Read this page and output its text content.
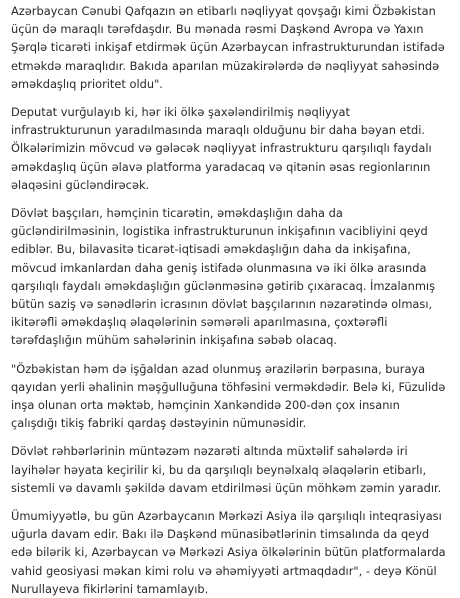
Azərbaycan Cənubi Qafqazın ən etibarlı nəqliyyat qovşağı kimi Özbəkistan üçün də maraqlı tərəfdaşdır. Bu mənada rəsmi Daşkənd Avropa və Yaxın Şərqlə ticarəti inkişaf etdirmək üçün Azərbaycan infrastrukturundan istifadə etməkdə maraqlıdır. Bakıda aparılan müzakirələrdə də nəqliyyat sahəsində əməkdaşlıq prioritet oldu".

Deputat vurğulayıb ki, hər iki ölkə şaxələndirilmiş nəqliyyat infrastrukturunun yaradılmasında maraqlı olduğunu bir daha bəyan etdi. Ölkələrimizin mövcud və gələcək nəqliyyat infrastrukturu qarşılıqlı faydalı əməkdaşlıq üçün əlavə platforma yaradacaq və qitənin əsas regionlarının əlaqəsini gücləndirəcək.

Dövlət başçıları, həmçinin ticarətin, əməkdaşlığın daha da gücləndirilməsinin, logistika infrastrukturunun inkişafının vacibliyini qeyd ediblər. Bu, bilavasitə ticarət-iqtisadi əməkdaşlığın daha da inkişafına, mövcud imkanlardan daha geniş istifadə olunmasına və iki ölkə arasında qarşılıqlı faydalı əməkdaşlığın güclənməsinə gətirib çıxaracaq. İmzalanmış bütün saziş və sənədlərin icrasının dövlət başçılarının nəzarətində olması, ikitərəfli əməkdaşlıq əlaqələrinin səmərəli aparılmasına, çoxtərəfli tərəfdaşlığın mühüm sahələrinin inkişafına səbəb olacaq.

"Özbəkistan həm də işğaldan azad olunmuş ərazilərin bərpasına, buraya qayıdan yerli əhalinin məşğulluğuna töhfəsini verməkdədir. Belə ki, Füzulidə inşa olunan orta məktəb, həmçinin Xankəndidə 200-dən çox insanın çalışdığı tikiş fabriki qardaş dəstəyinin nümunəsidir.

Dövlət rəhbərlərinin müntəzəm nəzarəti altında müxtəlif sahələrdə iri layihələr həyata keçirilir ki, bu da qarşılıqlı beynəlxalq əlaqələrin etibarlı, sistemli və davamlı şəkildə davam etdirilməsi üçün möhkəm zəmin yaradır.

Ümumiyyətlə, bu gün Azərbaycanın Mərkəzi Asiya ilə qarşılıqlı inteqrasiyası uğurla davam edir. Bakı ilə Daşkənd münasibətlərinin timsalında da qeyd edə bilərik ki, Azərbaycan və Mərkəzi Asiya ölkələrinin bütün platformalarda vahid geosiyasi məkan kimi rolu və əhəmiyyəti artmaqdadır", - deyə Könül Nurullayeva fikirlərini tamamlayıb.
